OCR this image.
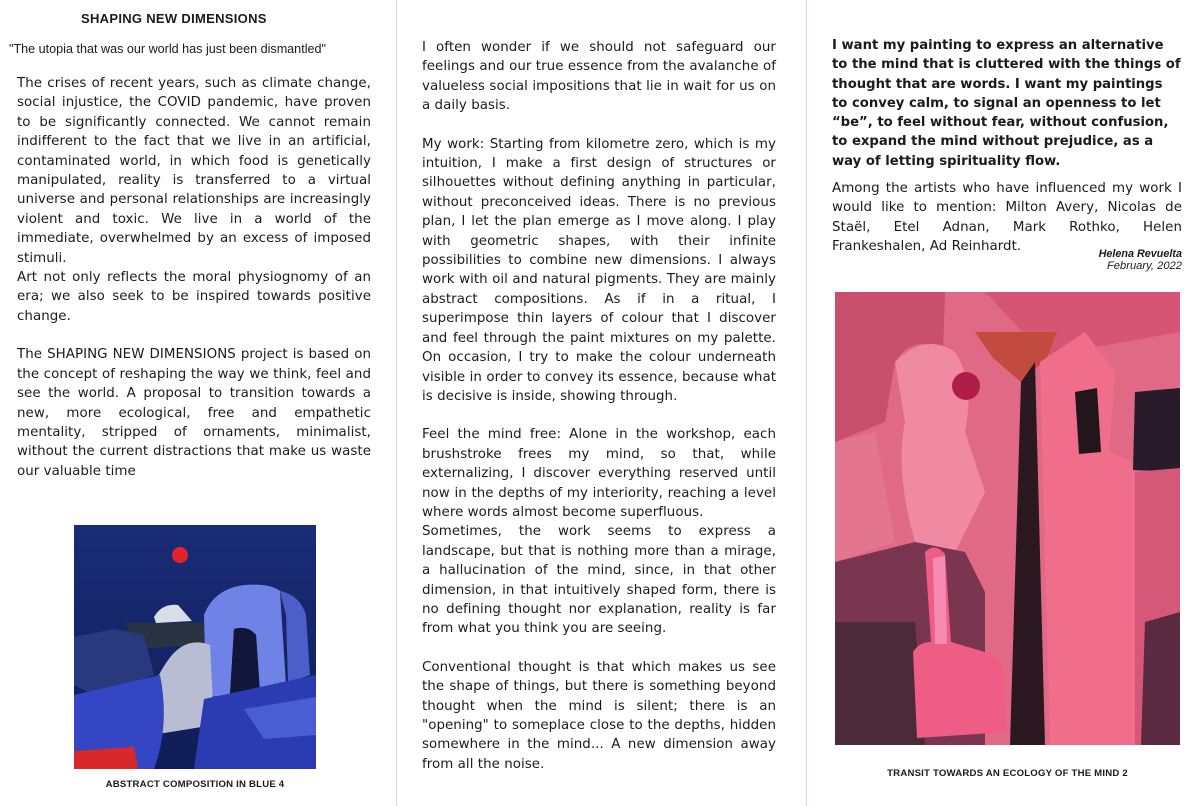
SHAPING NEW DIMENSIONS
"The utopia that was our world has just been dismantled"

The crises of recent years, such as climate change, social injustice, the COVID pandemic, have proven to be significantly connected. We cannot remain indifferent to the fact that we live in an artificial, contaminated world, in which food is genetically manipulated, reality is transferred to a virtual universe and personal relationships are increasingly violent and toxic. We live in a world of the immediate, overwhelmed by an excess of imposed stimuli.

Art not only reflects the moral physiognomy of an era; we also seek to be inspired towards positive change.

The SHAPING NEW DIMENSIONS project is based on the concept of reshaping the way we think, feel and see the world. A proposal to transition towards a new, more ecological, free and empathetic mentality, stripped of ornaments, minimalist, without the current distractions that make us waste our valuable time

ABSTRACT COMPOSITION IN BLUE 4

I often wonder if we should not safeguard our feelings and our true essence from the avalanche of valueless social impositions that lie in wait for us on a daily basis.

My work: Starting from kilometre zero, which is my intuition, I make a first design of structures or silhouettes without defining anything in particular, without preconceived ideas. There is no previous plan, I let the plan emerge as I move along. I play with geometric shapes, with their infinite possibilities to combine new dimensions. I always work with oil and natural pigments. They are mainly abstract compositions. As if in a ritual, I superimpose thin layers of colour that I discover and feel through the paint mixtures on my palette. On occasion, I try to make the colour underneath visible in order to convey its essence, because what is decisive is inside, showing through.

Feel the mind free: Alone in the workshop, each brushstroke frees my mind, so that, while externalizing, I discover everything reserved until now in the depths of my interiority, reaching a level where words almost become superfluous.

Sometimes, the work seems to express a landscape, but that is nothing more than a mirage, a hallucination of the mind, since, in that other dimension, in that intuitively shaped form, there is no defining thought nor explanation, reality is far from what you think you are seeing.

Conventional thought is that which makes us see the shape of things, but there is something beyond thought when the mind is silent; there is an "opening" to someplace close to the depths, hidden somewhere in the mind... A new dimension away from all the noise.

I want my painting to express an alternative to the mind that is cluttered with the things of thought that are words. I want my paintings to convey calm, to signal an openness to let “be”, to feel without fear, without confusion, to expand the mind without prejudice, as a way of letting spirituality flow.
Among the artists who have influenced my work I would like to mention: Milton Avery, Nicolas de Staël, Etel Adnan, Mark Rothko, Helen Frankeshalen, Ad Reinhardt.	Helena Revuelta
February, 2022
TRANSIT TOWARDS AN ECOLOGY OF THE MIND 2
